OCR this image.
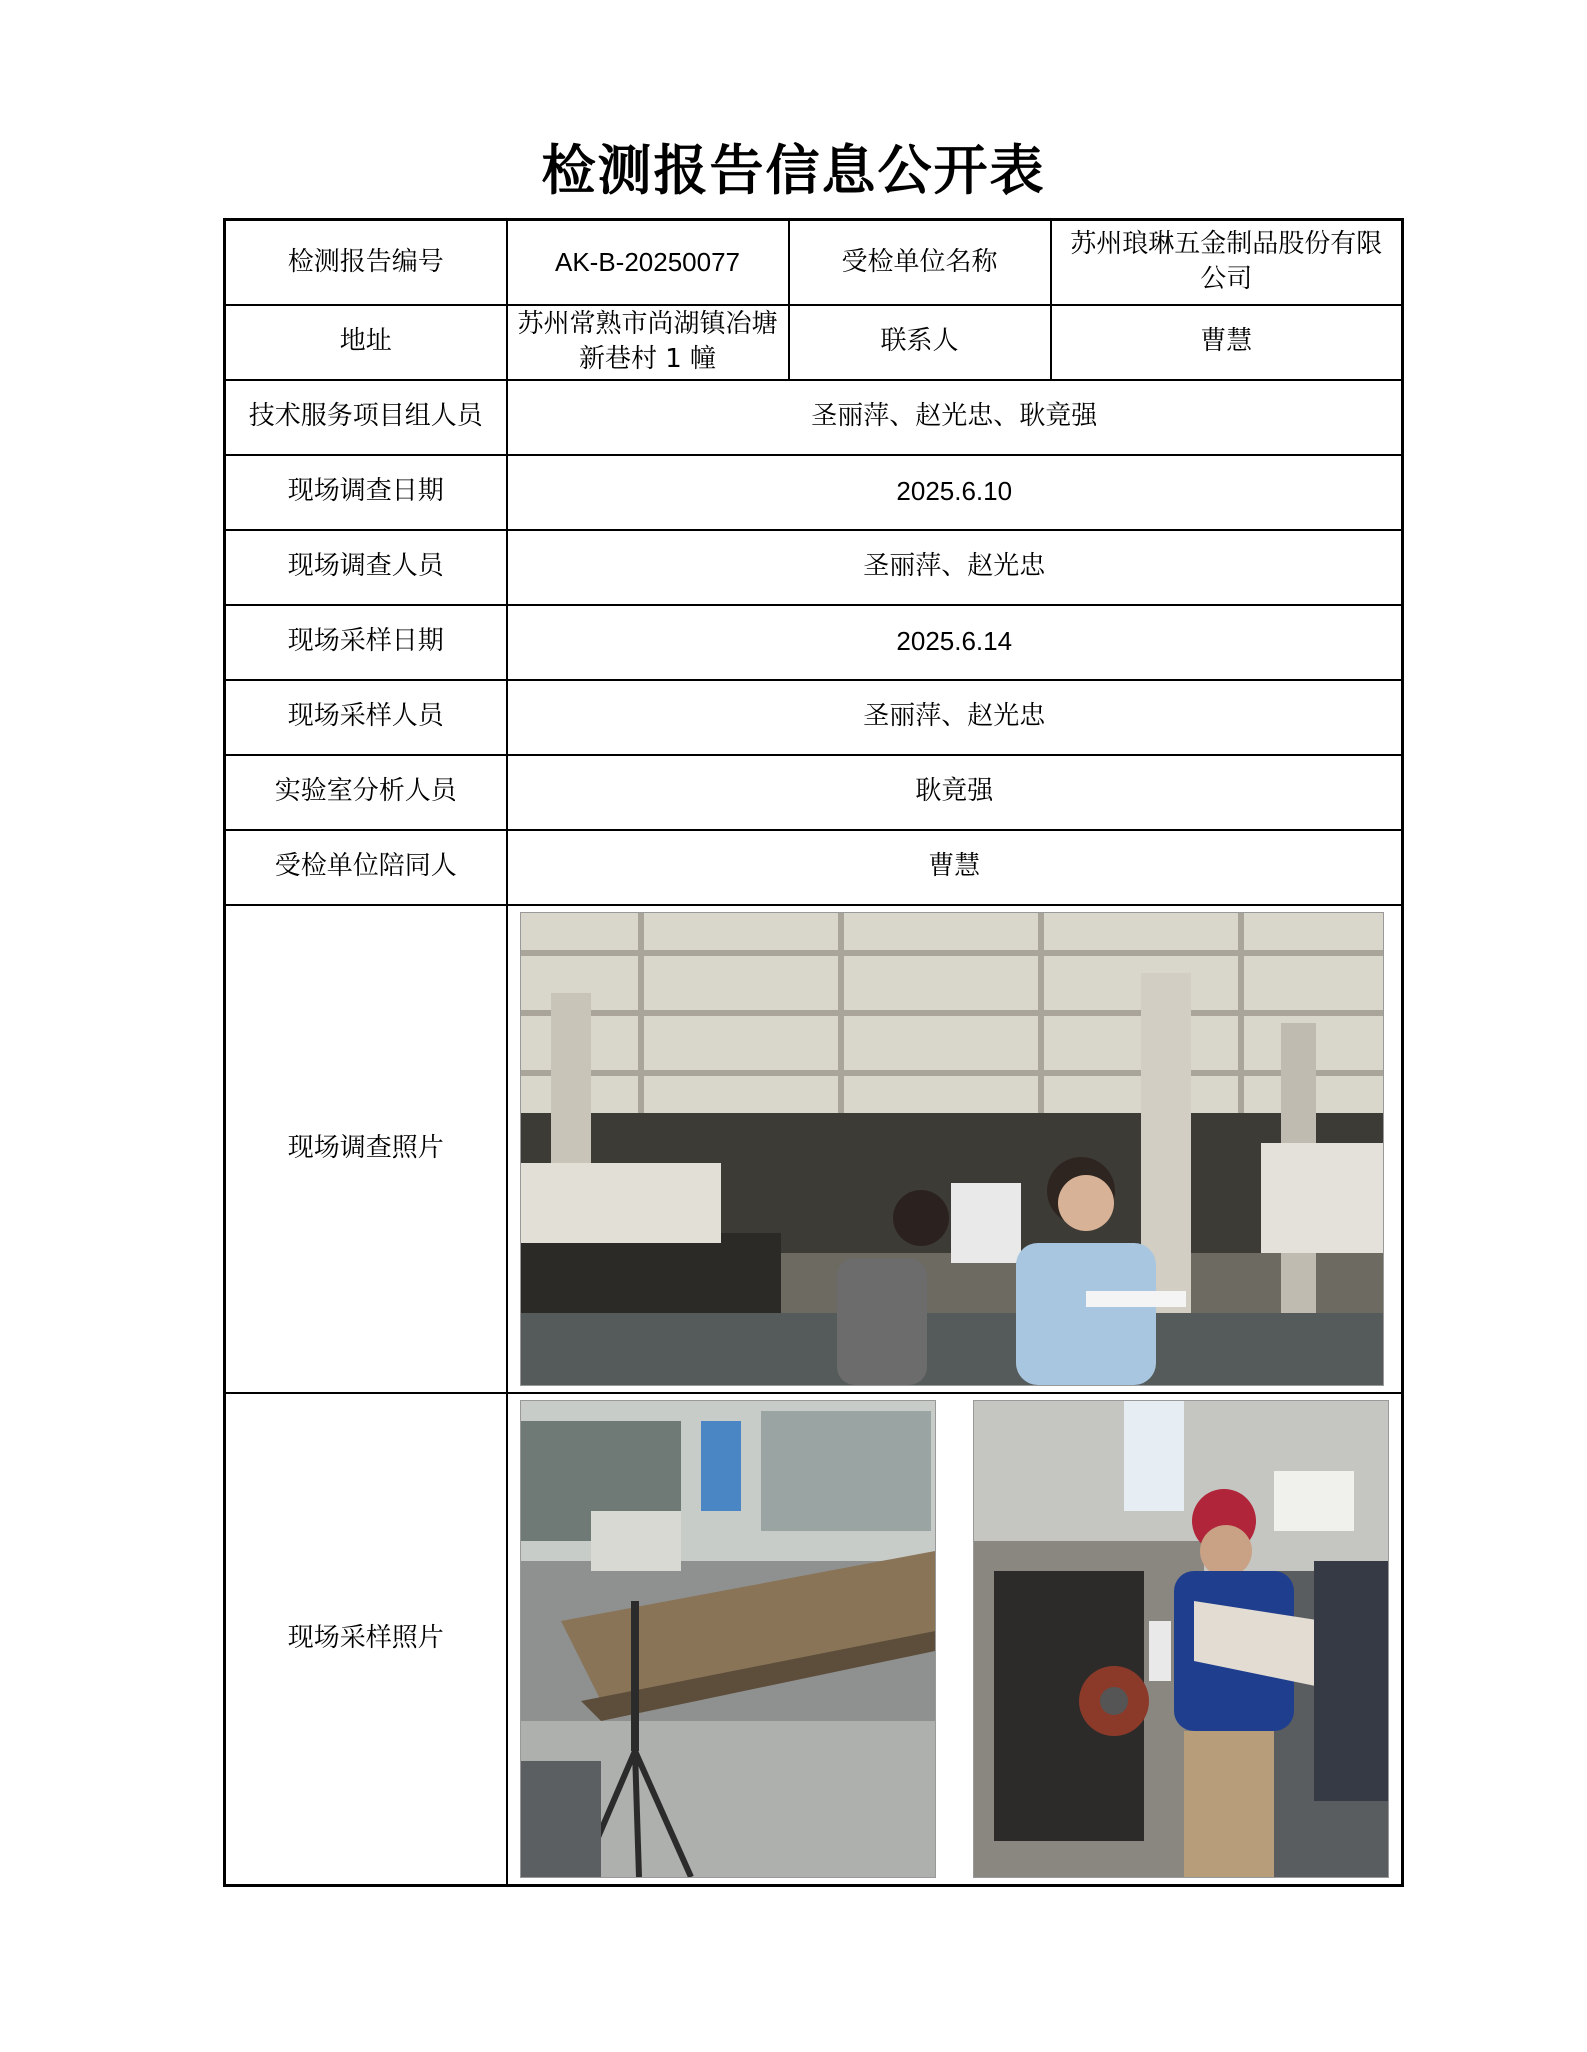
检测报告信息公开表
检测报告编号	AK-B-20250077	受检单位名称	苏州琅琳五金制品股份有限公司
地址	苏州常熟市尚湖镇冶塘新巷村 1 幢	联系人	曹慧
技术服务项目组人员	圣丽萍、赵光忠、耿竟强		
现场调查日期	2025.6.10		
现场调查人员	圣丽萍、赵光忠		
现场采样日期	2025.6.14		
现场采样人员	圣丽萍、赵光忠		
实验室分析人员	耿竟强		
受检单位陪同人	曹慧		
现场调查照片	

现场采样照片	
